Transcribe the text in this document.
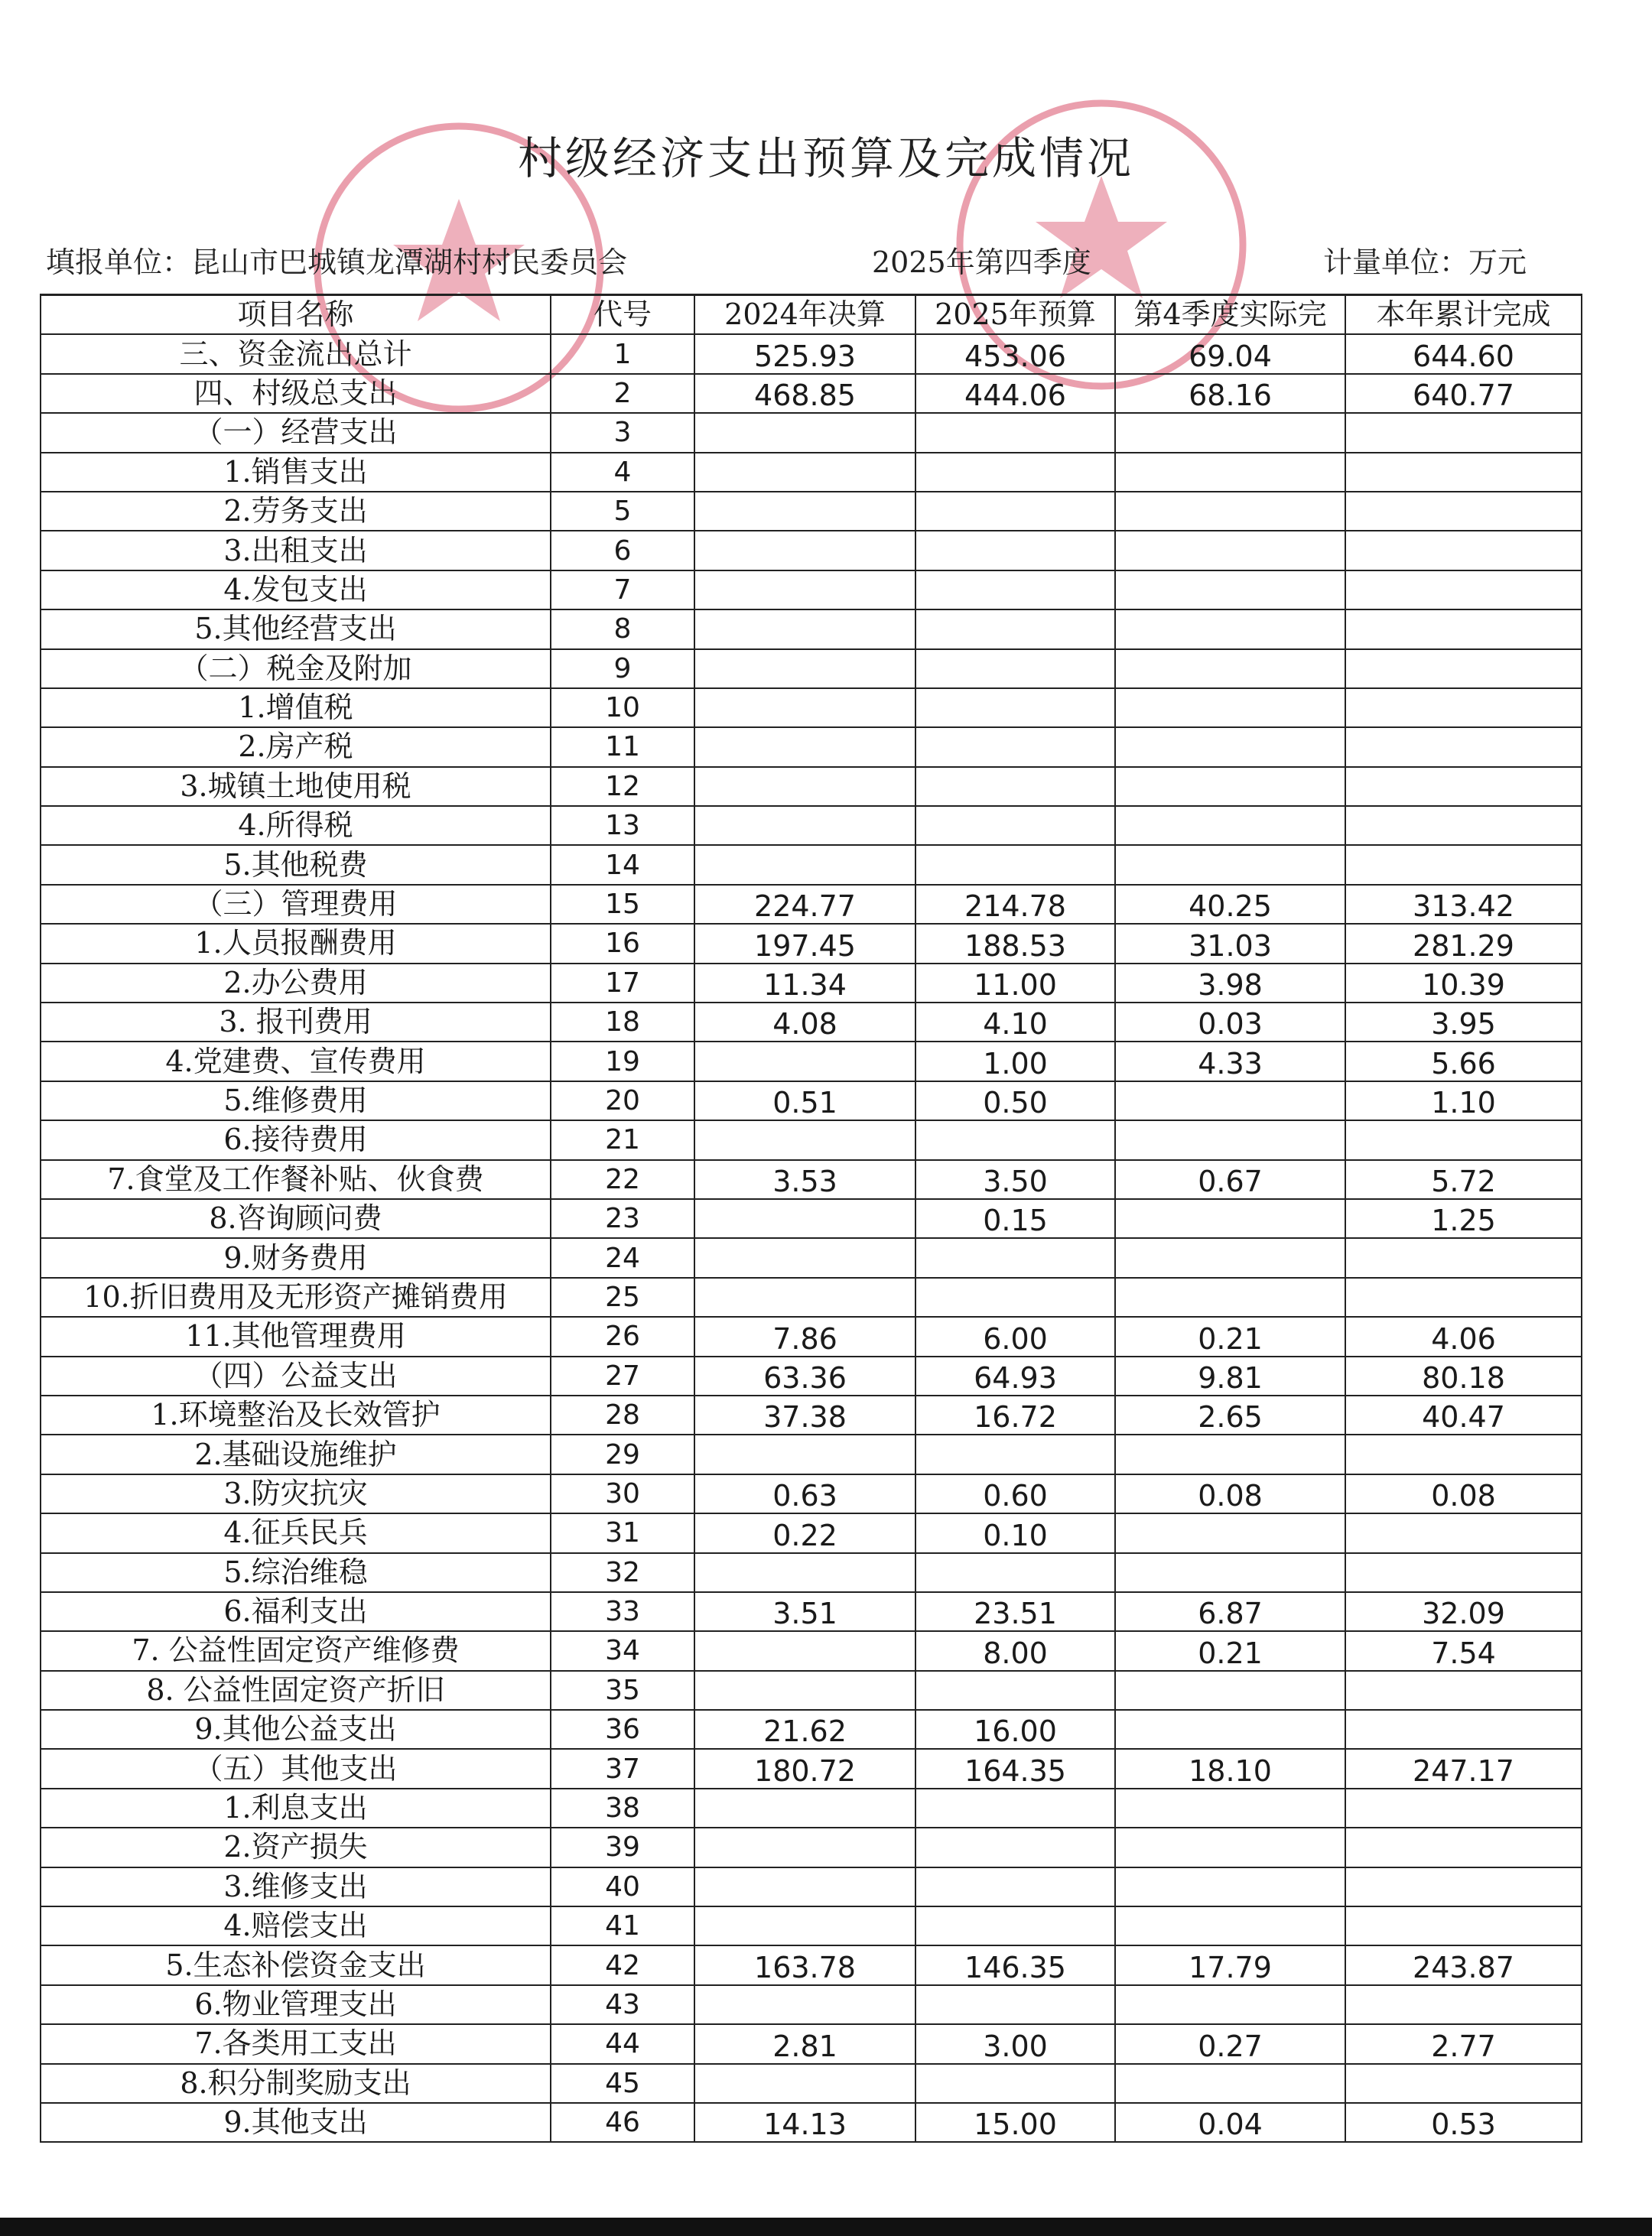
村级经济支出预算及完成情况
填报单位：昆山市巴城镇龙潭湖村村民委员会	2025年第四季度	计量单位：万元
项目名称	代号	2024年决算	2025年预算	第4季度实际完	本年累计完成
三、资金流出总计	1	525.93	453.06	69.04	644.60
四、村级总支出	2	468.85	444.06	68.16	640.77
（一）经营支出	3				
1.销售支出	4				
2.劳务支出	5				
3.出租支出	6				
4.发包支出	7				
5.其他经营支出	8				
（二）税金及附加	9				
1.增值税	10				
2.房产税	11				
3.城镇土地使用税	12				
4.所得税	13				
5.其他税费	14				
（三）管理费用	15	224.77	214.78	40.25	313.42
1.人员报酬费用	16	197.45	188.53	31.03	281.29
2.办公费用	17	11.34	11.00	3.98	10.39
3. 报刊费用	18	4.08	4.10	0.03	3.95
4.党建费、宣传费用	19		1.00	4.33	5.66
5.维修费用	20	0.51	0.50		1.10
6.接待费用	21				
7.食堂及工作餐补贴、伙食费	22	3.53	3.50	0.67	5.72
8.咨询顾问费	23		0.15		1.25
9.财务费用	24				
10.折旧费用及无形资产摊销费用	25				
11.其他管理费用	26	7.86	6.00	0.21	4.06
（四）公益支出	27	63.36	64.93	9.81	80.18
1.环境整治及长效管护	28	37.38	16.72	2.65	40.47
2.基础设施维护	29				
3.防灾抗灾	30	0.63	0.60	0.08	0.08
4.征兵民兵	31	0.22	0.10		
5.综治维稳	32				
6.福利支出	33	3.51	23.51	6.87	32.09
7. 公益性固定资产维修费	34		8.00	0.21	7.54
8. 公益性固定资产折旧	35				
9.其他公益支出	36	21.62	16.00		
（五）其他支出	37	180.72	164.35	18.10	247.17
1.利息支出	38				
2.资产损失	39				
3.维修支出	40				
4.赔偿支出	41				
5.生态补偿资金支出	42	163.78	146.35	17.79	243.87
6.物业管理支出	43				
7.各类用工支出	44	2.81	3.00	0.27	2.77
8.积分制奖励支出	45				
9.其他支出	46	14.13	15.00	0.04	0.53
